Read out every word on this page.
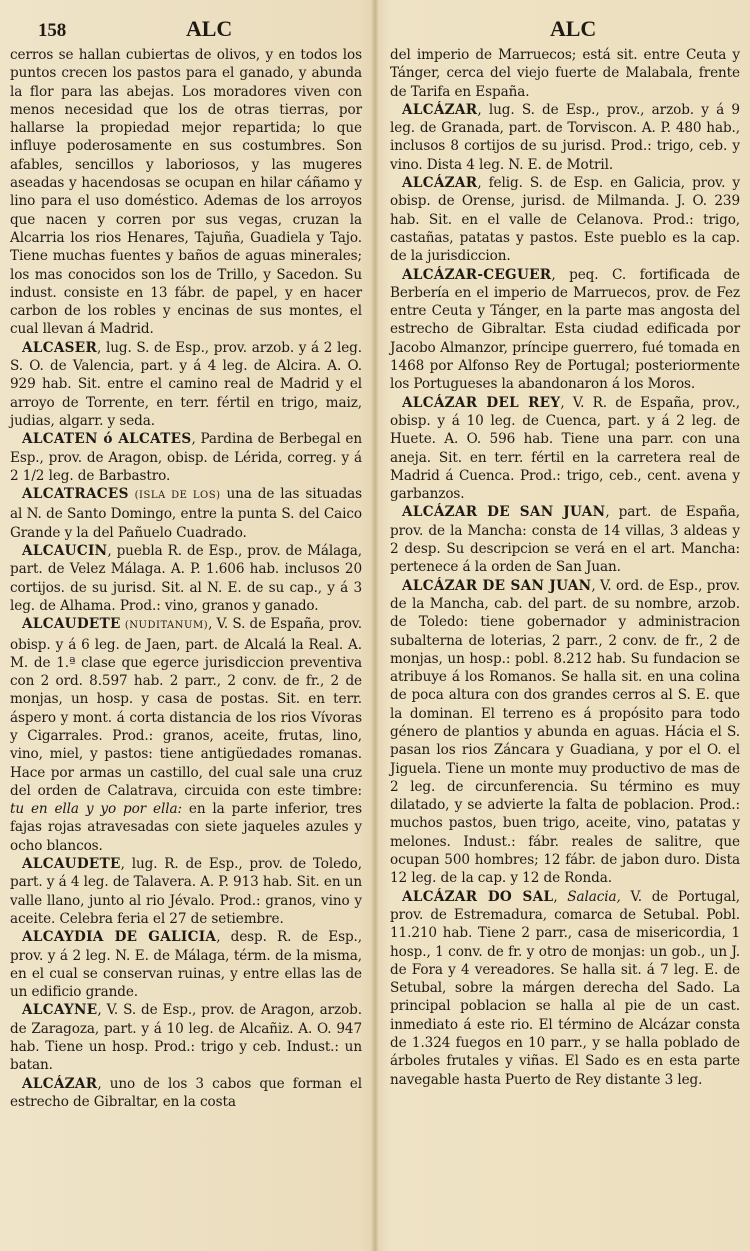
158	ALC

cerros se hallan cubiertas de olivos, y en todos los puntos crecen los pastos para el ganado, y abunda la flor para las abejas. Los moradores viven con menos necesidad que los de otras tierras, por hallarse la propiedad mejor repartida; lo que influye poderosamente en sus costumbres. Son afables, sencillos y laboriosos, y las mugeres aseadas y hacendosas se ocupan en hilar cáñamo y lino para el uso doméstico. Ademas de los arroyos que nacen y corren por sus vegas, cruzan la Alcarria los rios Henares, Tajuña, Guadiela y Tajo. Tiene muchas fuentes y baños de aguas minerales; los mas conocidos son los de Trillo, y Sacedon. Su indust. consiste en 13 fábr. de papel, y en hacer carbon de los robles y encinas de sus montes, el cual llevan á Madrid.

ALCASER, lug. S. de Esp., prov. arzob. y á 2 leg. S. O. de Valencia, part. y á 4 leg. de Alcira. A. O. 929 hab. Sit. entre el camino real de Madrid y el arroyo de Torrente, en terr. fértil en trigo, maiz, judias, algarr. y seda.

ALCATEN ó ALCATES, Pardina de Berbegal en Esp., prov. de Aragon, obisp. de Lérida, correg. y á 2 1/2 leg. de Barbastro.

ALCATRACES (ISLA DE LOS) una de las situadas al N. de Santo Domingo, entre la punta S. del Caico Grande y la del Pañuelo Cuadrado.

ALCAUCIN, puebla R. de Esp., prov. de Málaga, part. de Velez Málaga. A. P. 1.606 hab. inclusos 20 cortijos. de su jurisd. Sit. al N. E. de su cap., y á 3 leg. de Alhama. Prod.: vino, granos y ganado.

ALCAUDETE (NUDITANUM), V. S. de España, prov. obisp. y á 6 leg. de Jaen, part. de Alcalá la Real. A. M. de 1.ª clase que egerce jurisdiccion preventiva con 2 ord. 8.597 hab. 2 parr., 2 conv. de fr., 2 de monjas, un hosp. y casa de postas. Sit. en terr. áspero y mont. á corta distancia de los rios Vívoras y Cigarrales. Prod.: granos, aceite, frutas, lino, vino, miel, y pastos: tiene antigüedades romanas. Hace por armas un castillo, del cual sale una cruz del orden de Calatrava, circuida con este timbre: tu en ella y yo por ella: en la parte inferior, tres fajas rojas atravesadas con siete jaqueles azules y ocho blancos.

ALCAUDETE, lug. R. de Esp., prov. de Toledo, part. y á 4 leg. de Talavera. A. P. 913 hab. Sit. en un valle llano, junto al rio Jévalo. Prod.: granos, vino y aceite. Celebra feria el 27 de setiembre.

ALCAYDIA DE GALICIA, desp. R. de Esp., prov. y á 2 leg. N. E. de Málaga, térm. de la misma, en el cual se conservan ruinas, y entre ellas las de un edificio grande.

ALCAYNE, V. S. de Esp., prov. de Aragon, arzob. de Zaragoza, part. y á 10 leg. de Alcañiz. A. O. 947 hab. Tiene un hosp. Prod.: trigo y ceb. Indust.: un batan.

ALCÁZAR, uno de los 3 cabos que forman el estrecho de Gibraltar, en la costa

ALC

del imperio de Marruecos; está sit. entre Ceuta y Tánger, cerca del viejo fuerte de Malabala, frente de Tarifa en España.

ALCÁZAR, lug. S. de Esp., prov., arzob. y á 9 leg. de Granada, part. de Torviscon. A. P. 480 hab., inclusos 8 cortijos de su jurisd. Prod.: trigo, ceb. y vino. Dista 4 leg. N. E. de Motril.

ALCÁZAR, felig. S. de Esp. en Galicia, prov. y obisp. de Orense, jurisd. de Milmanda. J. O. 239 hab. Sit. en el valle de Celanova. Prod.: trigo, castañas, patatas y pastos. Este pueblo es la cap. de la jurisdiccion.

ALCÁZAR-CEGUER, peq. C. fortificada de Berbería en el imperio de Marruecos, prov. de Fez entre Ceuta y Tánger, en la parte mas angosta del estrecho de Gibraltar. Esta ciudad edificada por Jacobo Almanzor, príncipe guerrero, fué tomada en 1468 por Alfonso Rey de Portugal; posteriormente los Portugueses la abandonaron á los Moros.

ALCÁZAR DEL REY, V. R. de España, prov., obisp. y á 10 leg. de Cuenca, part. y á 2 leg. de Huete. A. O. 596 hab. Tiene una parr. con una aneja. Sit. en terr. fértil en la carretera real de Madrid á Cuenca. Prod.: trigo, ceb., cent. avena y garbanzos.

ALCÁZAR DE SAN JUAN, part. de España, prov. de la Mancha: consta de 14 villas, 3 aldeas y 2 desp. Su descripcion se verá en el art. Mancha: pertenece á la orden de San Juan.

ALCÁZAR DE SAN JUAN, V. ord. de Esp., prov. de la Mancha, cab. del part. de su nombre, arzob. de Toledo: tiene gobernador y administracion subalterna de loterias, 2 parr., 2 conv. de fr., 2 de monjas, un hosp.: pobl. 8.212 hab. Su fundacion se atribuye á los Romanos. Se halla sit. en una colina de poca altura con dos grandes cerros al S. E. que la dominan. El terreno es á propósito para todo género de plantios y abunda en aguas. Hácia el S. pasan los rios Záncara y Guadiana, y por el O. el Jiguela. Tiene un monte muy productivo de mas de 2 leg. de circunferencia. Su término es muy dilatado, y se advierte la falta de poblacion. Prod.: muchos pastos, buen trigo, aceite, vino, patatas y melones. Indust.: fábr. reales de salitre, que ocupan 500 hombres; 12 fábr. de jabon duro. Dista 12 leg. de la cap. y 12 de Ronda.

ALCÁZAR DO SAL, Salacia, V. de Portugal, prov. de Estremadura, comarca de Setubal. Pobl. 11.210 hab. Tiene 2 parr., casa de misericordia, 1 hosp., 1 conv. de fr. y otro de monjas: un gob., un J. de Fora y 4 vereadores. Se halla sit. á 7 leg. E. de Setubal, sobre la márgen derecha del Sado. La principal poblacion se halla al pie de un cast. inmediato á este rio. El término de Alcázar consta de 1.324 fuegos en 10 parr., y se halla poblado de árboles frutales y viñas. El Sado es en esta parte navegable hasta Puerto de Rey distante 3 leg.
